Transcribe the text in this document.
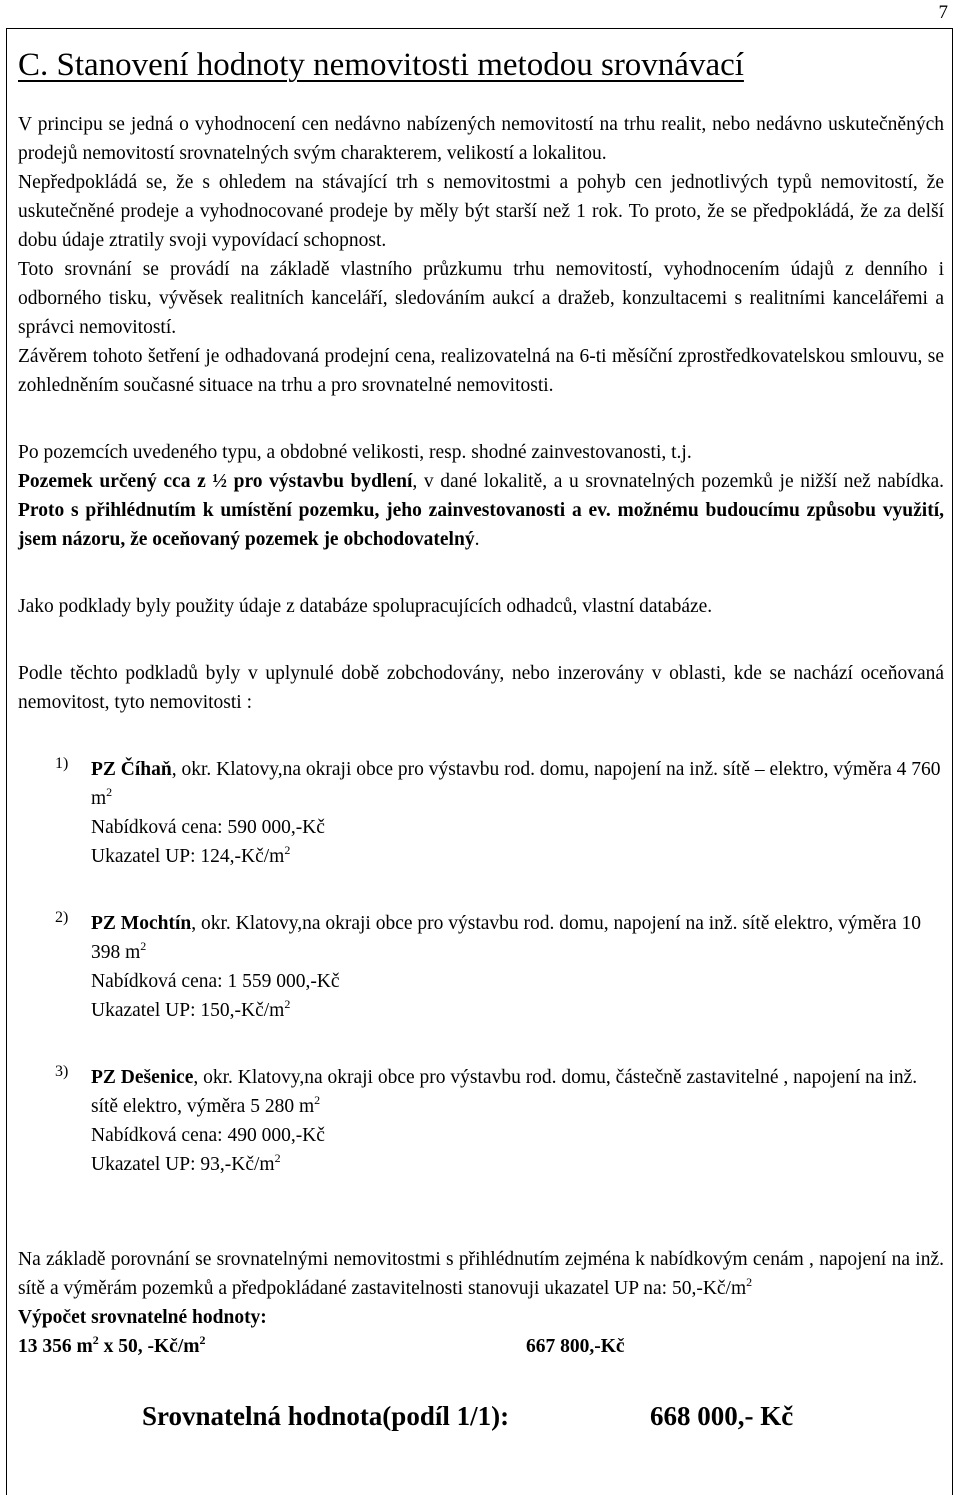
7
C. Stanovení hodnoty nemovitosti metodou srovnávací

V principu se jedná o vyhodnocení cen nedávno nabízených nemovitostí na trhu realit, nebo nedávno uskutečněných prodejů nemovitostí srovnatelných svým charakterem, velikostí a lokalitou.

Nepředpokládá se, že s ohledem na stávající trh s nemovitostmi a pohyb cen jednotlivých typů nemovitostí, že uskutečněné prodeje a vyhodnocované prodeje by měly být starší než 1 rok. To proto, že se předpokládá, že za delší dobu údaje ztratily svoji vypovídací schopnost.

Toto srovnání se provádí na základě vlastního průzkumu trhu nemovitostí, vyhodnocením údajů z denního i odborného tisku, vývěsek realitních kanceláří, sledováním aukcí a dražeb, konzultacemi s realitními kancelářemi a správci nemovitostí.

Závěrem tohoto šetření je odhadovaná prodejní cena, realizovatelná na 6-ti měsíční zprostředkovatelskou smlouvu, se zohledněním současné situace na trhu a pro srovnatelné nemovitosti.

Po pozemcích uvedeného typu, a obdobné velikosti, resp. shodné zainvestovanosti, t.j.
Pozemek určený cca z ½ pro výstavbu bydlení, v dané lokalitě, a u srovnatelných pozemků je nižší než nabídka. Proto s přihlédnutím k umístění pozemku, jeho zainvestovanosti a ev. možnému budoucímu způsobu využití, jsem názoru, že oceňovaný pozemek je obchodovatelný.

Jako podklady byly použity údaje z databáze spolupracujících odhadců, vlastní databáze.

Podle těchto podkladů byly v uplynulé době zobchodovány, nebo inzerovány v oblasti, kde se nachází oceňovaná nemovitost, tyto nemovitosti :

1) PZ Číhaň, okr. Klatovy,na okraji obce pro výstavbu rod. domu, napojení na inž. sítě – elektro, výměra 4 760 $m^2$

Nabídková cena: 590 000,-Kč

Ukazatel UP: $124,-Kč/m^2$

2) PZ Mochtín, okr. Klatovy,na okraji obce pro výstavbu rod. domu, napojení na inž. sítě elektro, výměra 10 398 $m^2$

Nabídková cena: 1 559 000,-Kč

Ukazatel UP: $150,-Kč/m^2$

3) PZ Dešenice, okr. Klatovy,na okraji obce pro výstavbu rod. domu, částečně zastavitelné , napojení na inž. sítě elektro, výměra 5 280 $m^2$

Nabídková cena: 490 000,-Kč

Ukazatel UP: $93,-Kč/m^2$

Na základě porovnání se srovnatelnými nemovitostmi s přihlédnutím zejména k nabídkovým cenám , napojení na inž. sítě a výměrám pozemků a předpokládané zastavitelnosti stanovuji ukazatel UP na: $50,-Kč/m^2$

Výpočet srovnatelné hodnoty:

13 356 $m^2$ x 50, $-Kč/m^2$	667 800,-Kč
Srovnatelná hodnota(podíl 1/1):	668 000,- Kč
